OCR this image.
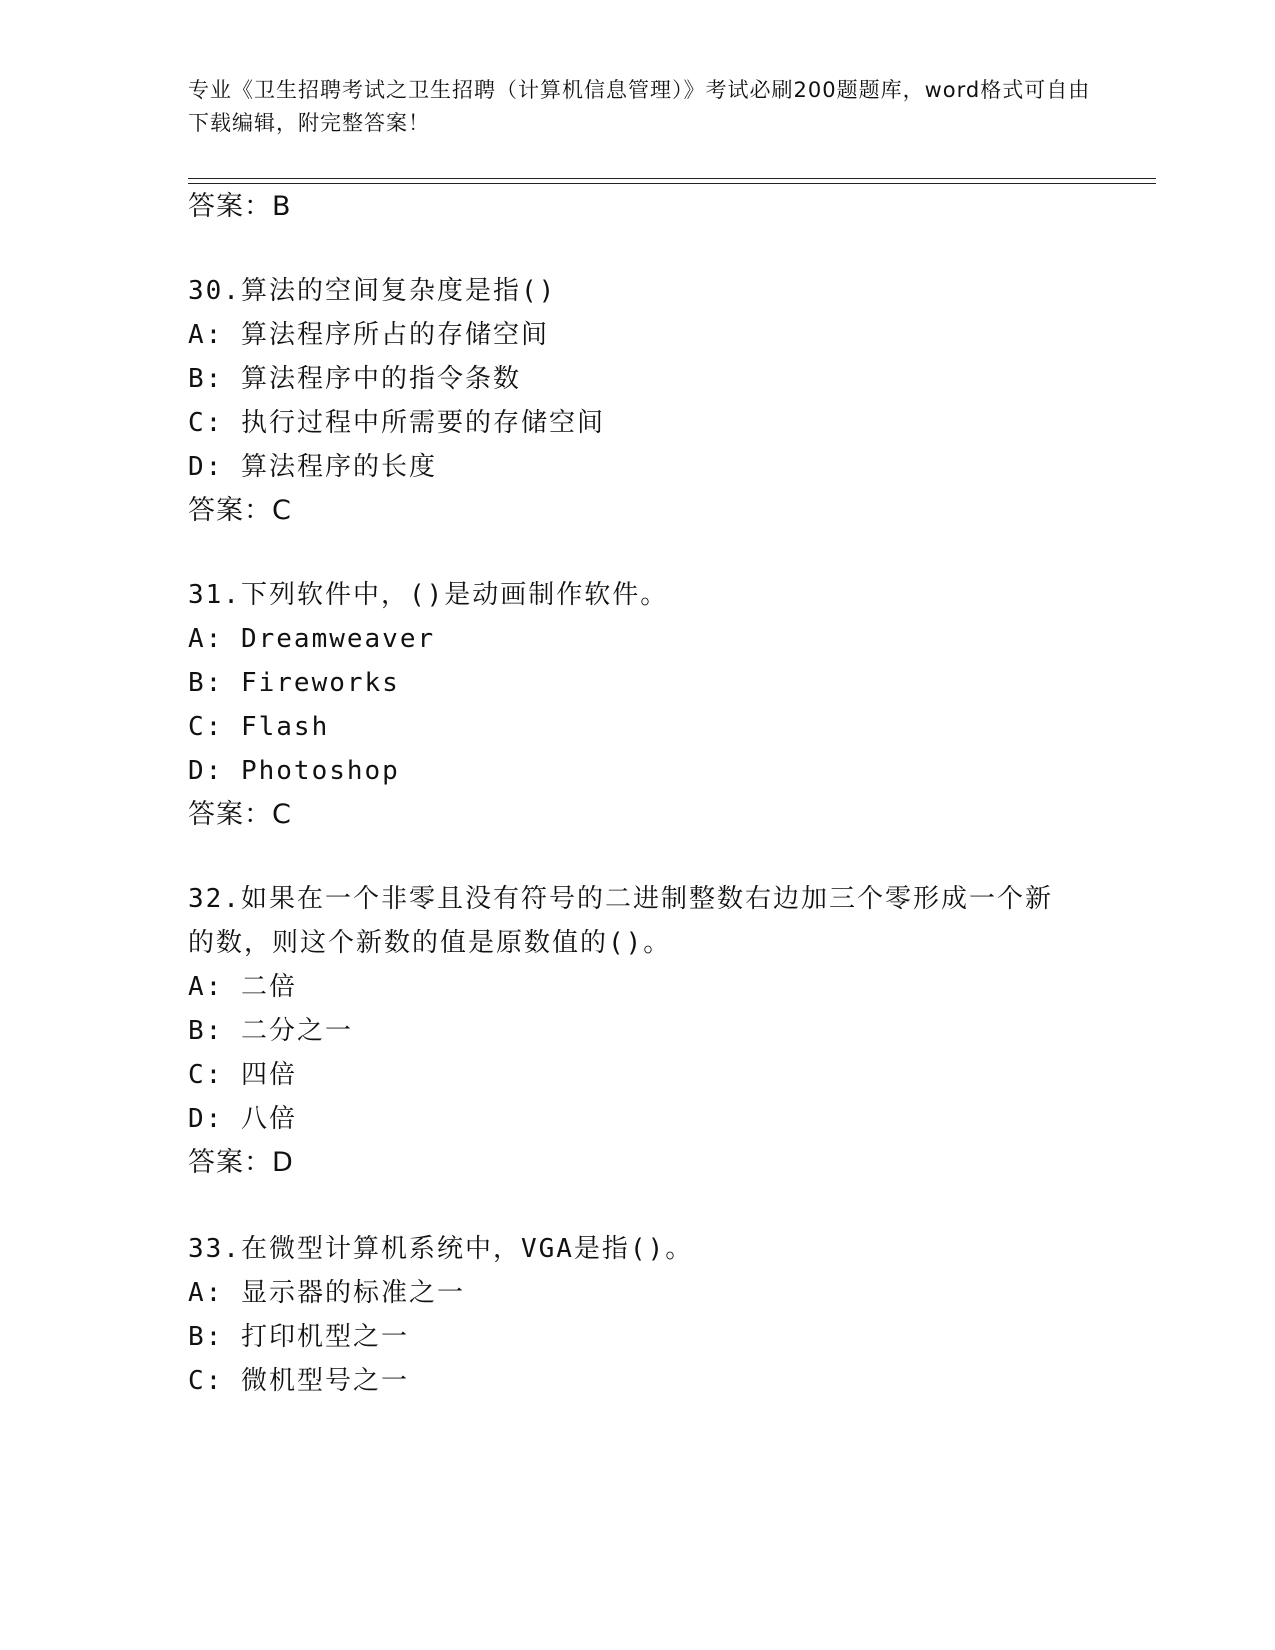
专业《卫生招聘考试之卫生招聘（计算机信息管理）》考试必刷200题题库，word格式可自由下载编辑，附完整答案！
答案：B
30.算法的空间复杂度是指()
A: 算法程序所占的存储空间
B: 算法程序中的指令条数
C: 执行过程中所需要的存储空间
D: 算法程序的长度
答案：C
31.下列软件中，()是动画制作软件。
A: Dreamweaver
B: Fireworks
C: Flash
D: Photoshop
答案：C
32.如果在一个非零且没有符号的二进制整数右边加三个零形成一个新
的数，则这个新数的值是原数值的()。
A: 二倍
B: 二分之一
C: 四倍
D: 八倍
答案：D
33.在微型计算机系统中，VGA是指()。
A: 显示器的标准之一
B: 打印机型之一
C: 微机型号之一
